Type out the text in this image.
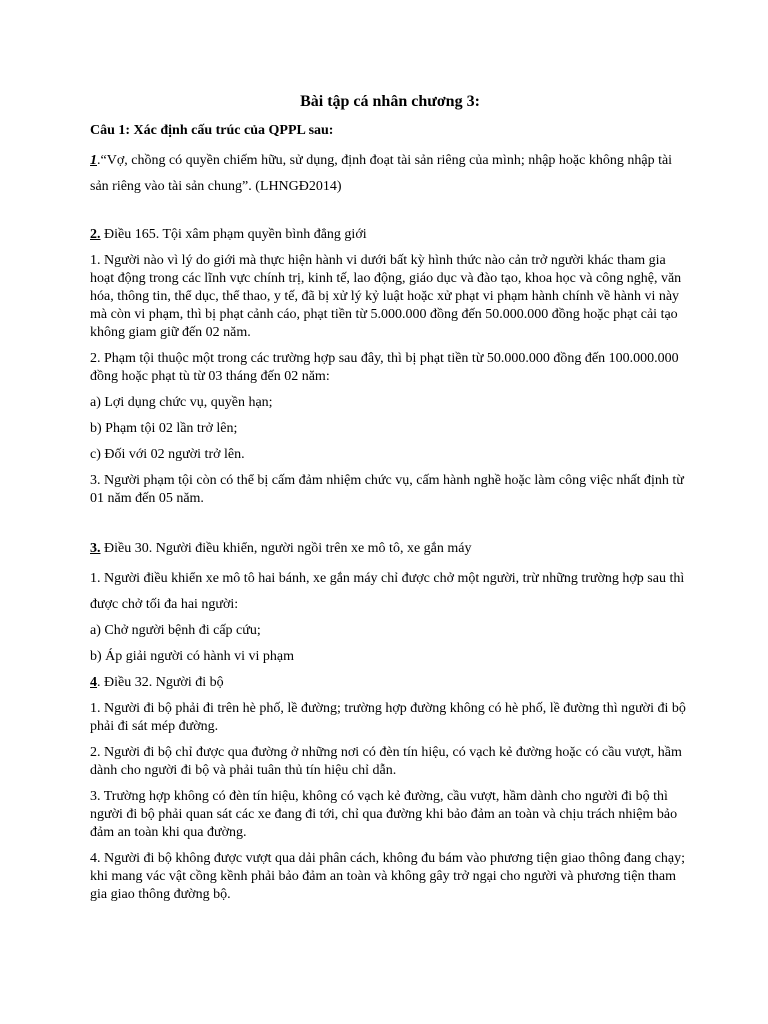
Bài tập cá nhân chương 3:
Câu 1: Xác định cấu trúc của QPPL sau:
1.“Vợ, chồng có quyền chiếm hữu, sử dụng, định đoạt tài sản riêng của mình; nhập hoặc không nhập tài sản riêng vào tài sản chung”. (LHNGĐ2014)
2. Điều 165. Tội xâm phạm quyền bình đẳng giới
1. Người nào vì lý do giới mà thực hiện hành vi dưới bất kỳ hình thức nào cản trở người khác tham gia hoạt động trong các lĩnh vực chính trị, kinh tế, lao động, giáo dục và đào tạo, khoa học và công nghệ, văn hóa, thông tin, thể dục, thể thao, y tế, đã bị xử lý kỷ luật hoặc xử phạt vi phạm hành chính về hành vi này mà còn vi phạm, thì bị phạt cảnh cáo, phạt tiền từ 5.000.000 đồng đến 50.000.000 đồng hoặc phạt cải tạo không giam giữ đến 02 năm.
2. Phạm tội thuộc một trong các trường hợp sau đây, thì bị phạt tiền từ 50.000.000 đồng đến 100.000.000 đồng hoặc phạt tù từ 03 tháng đến 02 năm:
a) Lợi dụng chức vụ, quyền hạn;
b) Phạm tội 02 lần trở lên;
c) Đối với 02 người trở lên.
3. Người phạm tội còn có thể bị cấm đảm nhiệm chức vụ, cấm hành nghề hoặc làm công việc nhất định từ 01 năm đến 05 năm.
3. Điều 30. Người điều khiển, người ngồi trên xe mô tô, xe gắn máy
1. Người điều khiển xe mô tô hai bánh, xe gắn máy chỉ được chở một người, trừ những trường hợp sau thì được chở tối đa hai người:
a) Chở người bệnh đi cấp cứu;
b) Áp giải người có hành vi vi phạm
4. Điều 32. Người đi bộ
1. Người đi bộ phải đi trên hè phố, lề đường; trường hợp đường không có hè phố, lề đường thì người đi bộ phải đi sát mép đường.
2. Người đi bộ chỉ được qua đường ở những nơi có đèn tín hiệu, có vạch kẻ đường hoặc có cầu vượt, hầm dành cho người đi bộ và phải tuân thủ tín hiệu chỉ dẫn.
3. Trường hợp không có đèn tín hiệu, không có vạch kẻ đường, cầu vượt, hầm dành cho người đi bộ thì người đi bộ phải quan sát các xe đang đi tới, chỉ qua đường khi bảo đảm an toàn và chịu trách nhiệm bảo đảm an toàn khi qua đường.
4. Người đi bộ không được vượt qua dải phân cách, không đu bám vào phương tiện giao thông đang chạy; khi mang vác vật cồng kềnh phải bảo đảm an toàn và không gây trở ngại cho người và phương tiện tham gia giao thông đường bộ.
